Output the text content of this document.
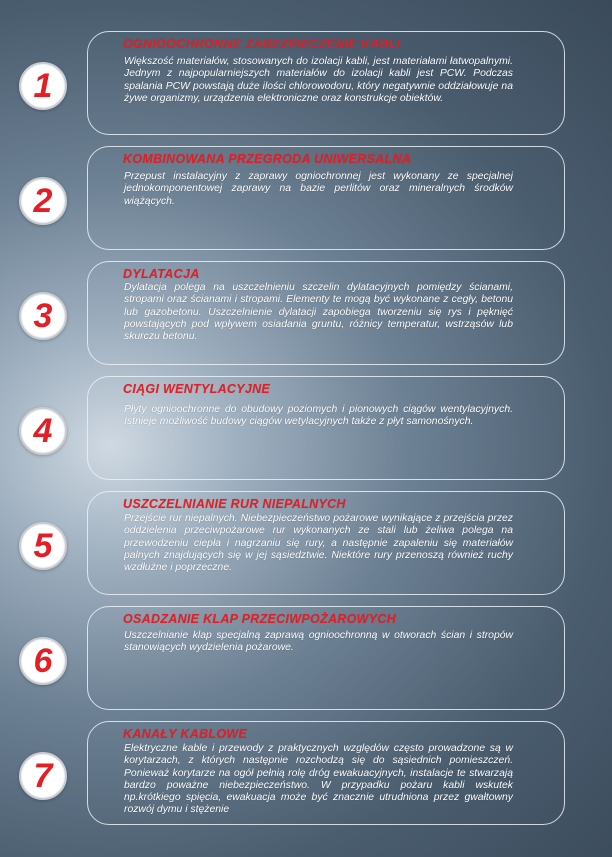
1
OGNIOOCHRONNE ZABEZPIECZENIE KABLI
Większość materiałów, stosowanych do izolacji kabli, jest materiałami łatwopalnymi. Jednym z najpopularniejszych materiałów do izolacji kabli jest PCW. Podczas spalania PCW powstają duże ilości chlorowodoru, który negatywnie oddziałowuje na żywe organizmy, urządzenia elektroniczne oraz konstrukcje obiektów.
2
KOMBINOWANA PRZEGRODA UNIWERSALNA
Przepust instalacyjny z zaprawy ogniochronnej jest wykonany ze specjalnej jednokomponentowej zaprawy na bazie perlitów oraz mineralnych środków wiążących.
3
DYLATACJA
Dylatacja polega na uszczelnieniu szczelin dylatacyjnych pomiędzy ścianami, stropami oraz ścianami i stropami. Elementy te mogą być wykonane z cegły, betonu lub gazobetonu. Uszczelnienie dylatacji zapobiega tworzeniu się rys i pęknięć powstających pod wpływem osiadania gruntu, różnicy temperatur, wstrząsów lub skurczu betonu.
4
CIĄGI WENTYLACYJNE
Płyty ognioochronne do obudowy poziomych i pionowych ciągów wentylacyjnych. Istnieje możliwość budowy ciągów wetylacyjnych także z płyt samonośnych.
5
USZCZELNIANIE RUR NIEPALNYCH
Przejście rur niepalnych. Niebezpieczeństwo pożarowe wynikające z przejścia przez oddzielenia przeciwpożarowe rur wykonanych ze stali lub żeliwa polega na przewodzeniu ciepła i nagrzaniu się rury, a następnie zapaleniu się materiałów palnych znajdujących się w jej sąsiedztwie. Niektóre rury przenoszą również ruchy wzdłużne i poprzeczne.
6
OSADZANIE KLAP PRZECIWPOŻAROWYCH
Uszczelnianie klap specjalną zaprawą ognioochronną w otworach ścian i stropów stanowiących wydzielenia pożarowe.
7
KANAŁY KABLOWE
Elektryczne kable i przewody z praktycznych względów często prowadzone są w korytarzach, z których następnie rozchodzą się do sąsiednich pomieszczeń. Ponieważ korytarze na ogół pełnią rolę dróg ewakuacyjnych, instalacje te stwarzają bardzo poważne niebezpieczeństwo. W przypadku pożaru kabli wskutek np.krótkiego spięcia, ewakuacja może być znacznie utrudniona przez gwałtowny rozwój dymu i stężenie
